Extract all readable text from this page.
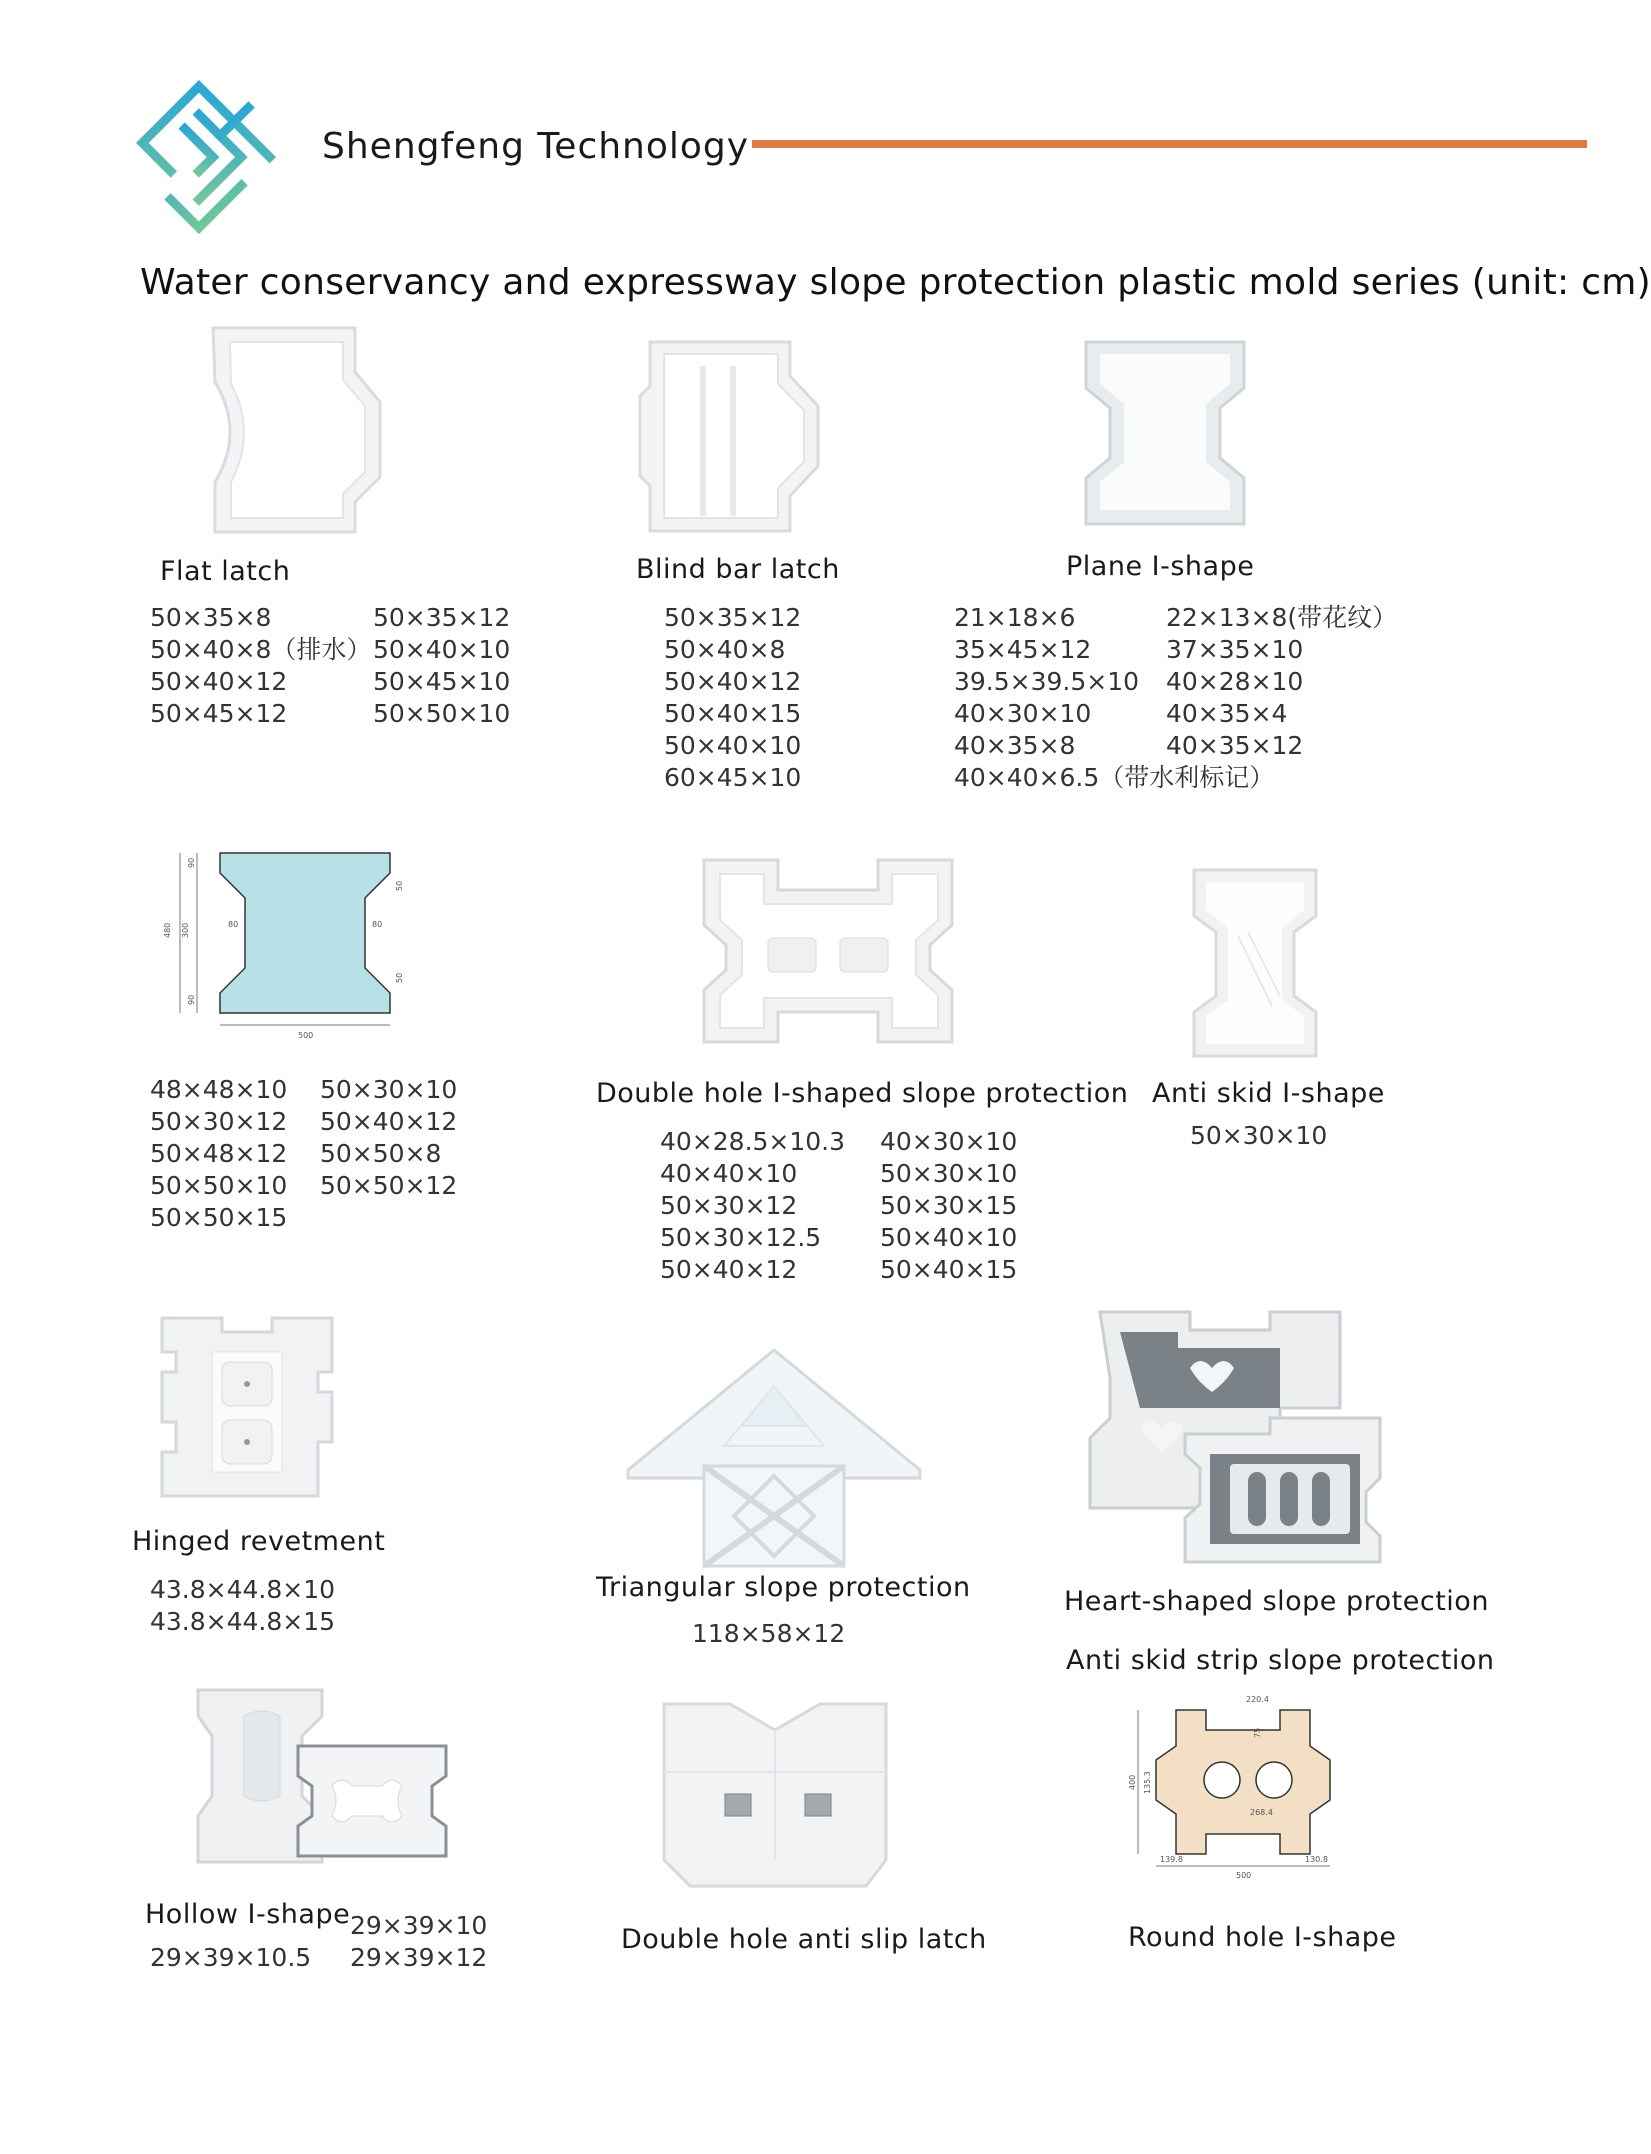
Shengfeng Technology
Water conservancy and expressway slope protection plastic mold series (unit: cm)
Flat latch
50×35×8
50×40×8（排水）
50×40×12
50×45×12
50×35×12
50×40×10
50×45×10
50×50×10
Blind bar latch
50×35×12
50×40×8
50×40×12
50×40×15
50×40×10
60×45×10
Plane I-shape
21×18×6
35×45×12
39.5×39.5×10
40×30×10
40×35×8
40×40×6.5（带水利标记）
22×13×8(带花纹）
37×35×10
40×28×10
40×35×4
40×35×12
480 300
90
90
80	80
50
50
500
48×48×10
50×30×12
50×48×12
50×50×10
50×50×15
50×30×10
50×40×12
50×50×8
50×50×12
Double hole I-shaped slope protection
40×28.5×10.3
40×40×10
50×30×12
50×30×12.5
50×40×12
40×30×10
50×30×10
50×30×15
50×40×10
50×40×15
Anti skid I-shape
50×30×10
Hinged revetment
43.8×44.8×10
43.8×44.8×15
Triangular slope protection
118×58×12
Heart-shaped slope protection
Anti skid strip slope protection
Hollow I-shape
29×39×10.5
29×39×10
29×39×12
Double hole anti slip latch
220.4
75
400 135.3
268.4
139.8	130.8
500
Round hole I-shape
